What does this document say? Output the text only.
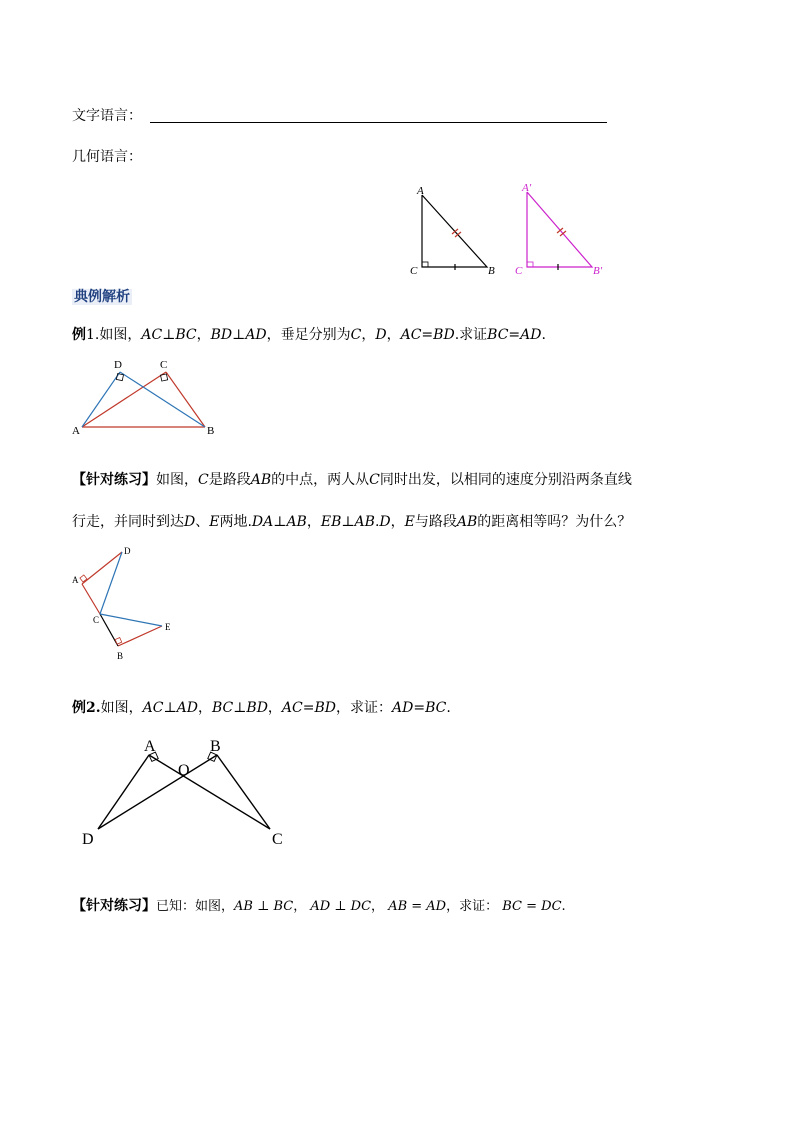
文字语言：
几何语言：
A
C	B
A′
C	B′
典例解析
例1.如图，AC⊥BC，BD⊥AD，垂足分别为C，D，AC=BD.求证BC=AD.
D	C
A	B
【针对练习】如图，C是路段AB的中点，两人从C同时出发，以相同的速度分别沿两条直线
行走，并同时到达D、E两地.DA⊥AB，EB⊥AB.D，E与路段AB的距离相等吗？为什么？
A
D
C
E
B
例2.如图，AC⊥AD，BC⊥BD，AC=BD，求证：AD=BC.
A	B
O
D	C
【针对练习】已知：如图，AB ⊥ BC， AD ⊥ DC， AB = AD，求证： BC = DC.
